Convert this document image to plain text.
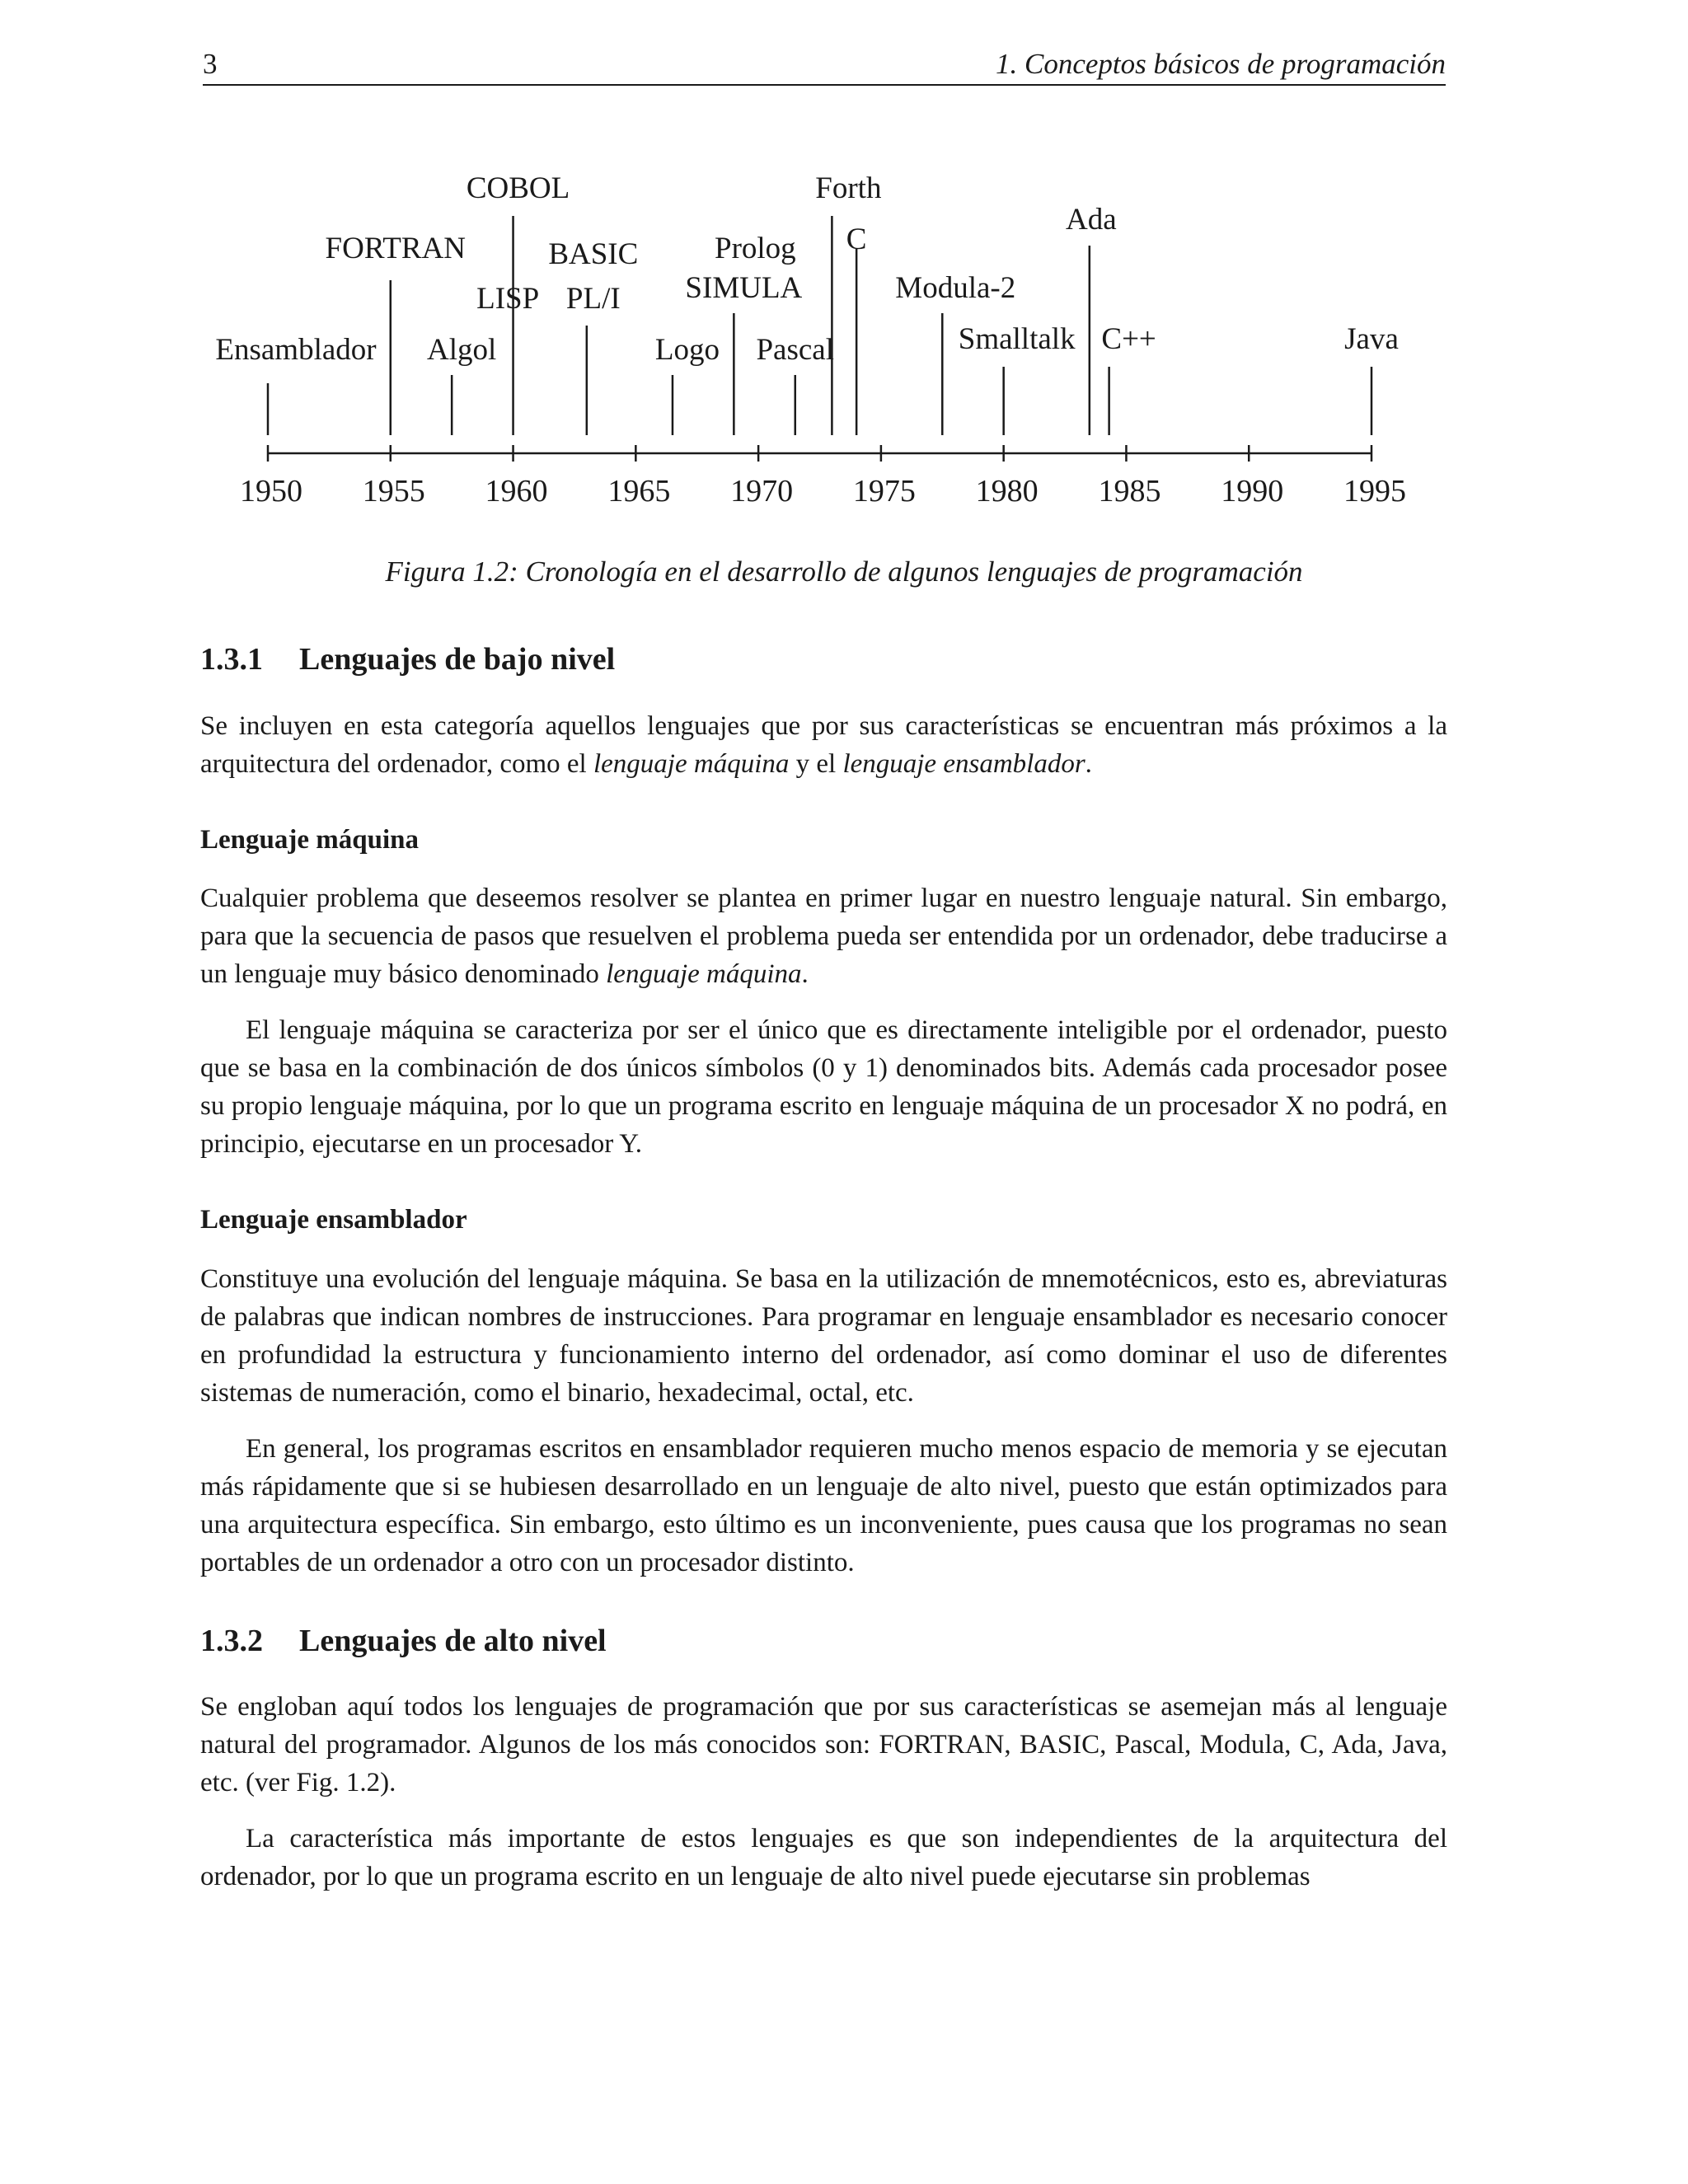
3	1. Conceptos básicos de programación
Ensamblador
FORTRAN
LISP
Algol
COBOL
BASIC
PL/I
Logo
Prolog
SIMULA
Pascal
Forth
C
Modula-2
Smalltalk
Ada
C++	Java
1950 1955 1960 1965 1970 1975 1980 1985 1990 1995
Figura 1.2: Cronología en el desarrollo de algunos lenguajes de programación
1.3.1 Lenguajes de bajo nivel

Se incluyen en esta categoría aquellos lenguajes que por sus características se encuentran más próximos a la arquitectura del ordenador, como el lenguaje máquina y el lenguaje ensamblador.

Lenguaje máquina

Cualquier problema que deseemos resolver se plantea en primer lugar en nuestro lenguaje natural. Sin embargo, para que la secuencia de pasos que resuelven el problema pueda ser entendida por un ordenador, debe traducirse a un lenguaje muy básico denominado lenguaje máquina.

El lenguaje máquina se caracteriza por ser el único que es directamente inteligible por el ordenador, puesto que se basa en la combinación de dos únicos símbolos (0 y 1) denominados bits. Además cada procesador posee su propio lenguaje máquina, por lo que un programa escrito en lenguaje máquina de un procesador X no podrá, en principio, ejecutarse en un procesador Y.

Lenguaje ensamblador

Constituye una evolución del lenguaje máquina. Se basa en la utilización de mnemotécnicos, esto es, abreviaturas de palabras que indican nombres de instrucciones. Para programar en lenguaje ensamblador es necesario conocer en profundidad la estructura y funcionamiento interno del ordenador, así como dominar el uso de diferentes sistemas de numeración, como el binario, hexadecimal, octal, etc.

En general, los programas escritos en ensamblador requieren mucho menos espacio de memoria y se ejecutan más rápidamente que si se hubiesen desarrollado en un lenguaje de alto nivel, puesto que están optimizados para una arquitectura específica. Sin embargo, esto último es un inconveniente, pues causa que los programas no sean portables de un ordenador a otro con un procesador distinto.

1.3.2 Lenguajes de alto nivel

Se engloban aquí todos los lenguajes de programación que por sus características se asemejan más al lenguaje natural del programador. Algunos de los más conocidos son: FORTRAN, BASIC, Pascal, Modula, C, Ada, Java, etc. (ver Fig. 1.2).

La característica más importante de estos lenguajes es que son independientes de la arquitectura del ordenador, por lo que un programa escrito en un lenguaje de alto nivel puede ejecutarse sin problemas
